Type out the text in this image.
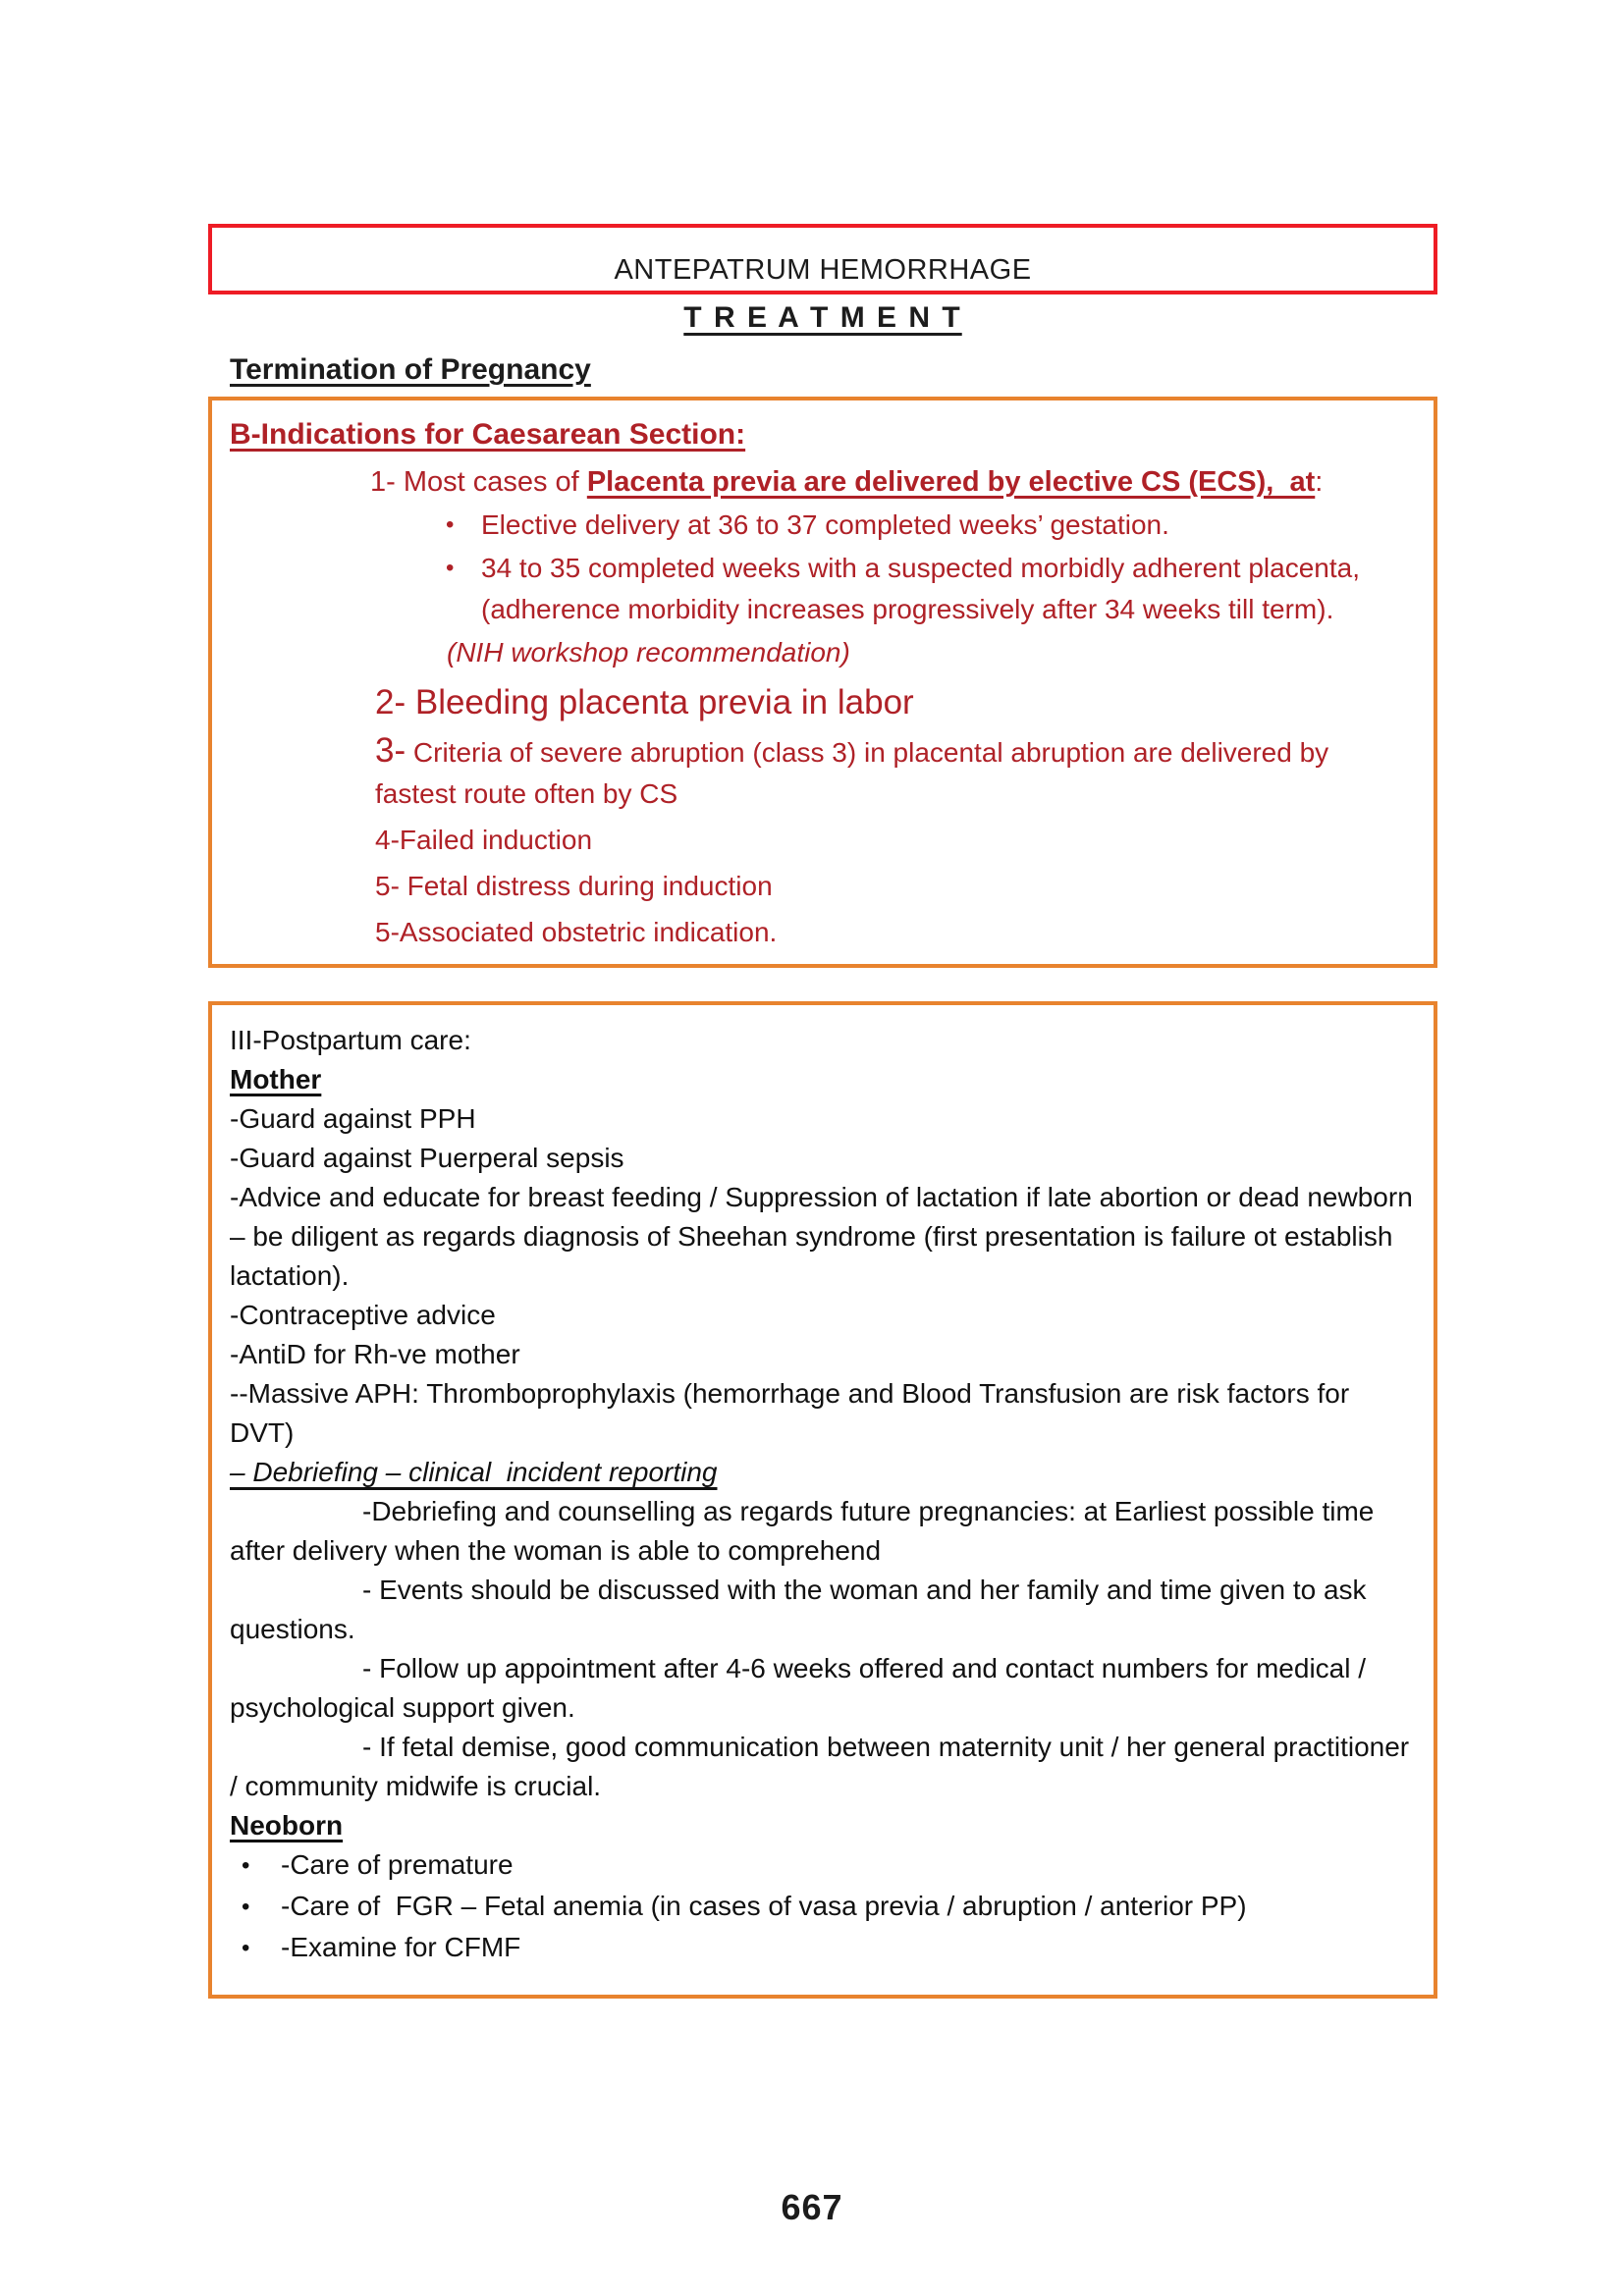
ANTEPATRUM HEMORRHAGE
T R E A T M E N T
Termination of Pregnancy
B-Indications for Caesarean Section:
1- Most cases of Placenta previa are delivered by elective CS (ECS),  at:
• Elective delivery at 36 to 37 completed weeks’ gestation.
• 34 to 35 completed weeks with a suspected morbidly adherent placenta, (adherence morbidity increases progressively after 34 weeks till term).
(NIH workshop recommendation)
2- Bleeding placenta previa in labor
3- Criteria of severe abruption (class 3) in placental abruption are delivered by fastest route often by CS
4-Failed induction
5- Fetal distress during induction
5-Associated obstetric indication.

III-Postpartum care:

Mother

-Guard against PPH

-Guard against Puerperal sepsis

-Advice and educate for breast feeding / Suppression of lactation if late abortion or dead newborn – be diligent as regards diagnosis of Sheehan syndrome (first presentation is failure ot establish lactation).

-Contraceptive advice

-AntiD for Rh-ve mother

--Massive APH: Thromboprophylaxis (hemorrhage and Blood Transfusion are risk factors for DVT)

– Debriefing – clinical  incident reporting

-Debriefing and counselling as regards future pregnancies: at Earliest possible time after delivery when the woman is able to comprehend

- Events should be discussed with the woman and her family and time given to ask questions.

- Follow up appointment after 4-6 weeks offered and contact numbers for medical /  psychological support given.

- If fetal demise, good communication between maternity unit / her general practitioner / community midwife is crucial.

Neoborn

•	-Care of premature
•	-Care of  FGR – Fetal anemia (in cases of vasa previa / abruption / anterior PP)
•	-Examine for CFMF
667
